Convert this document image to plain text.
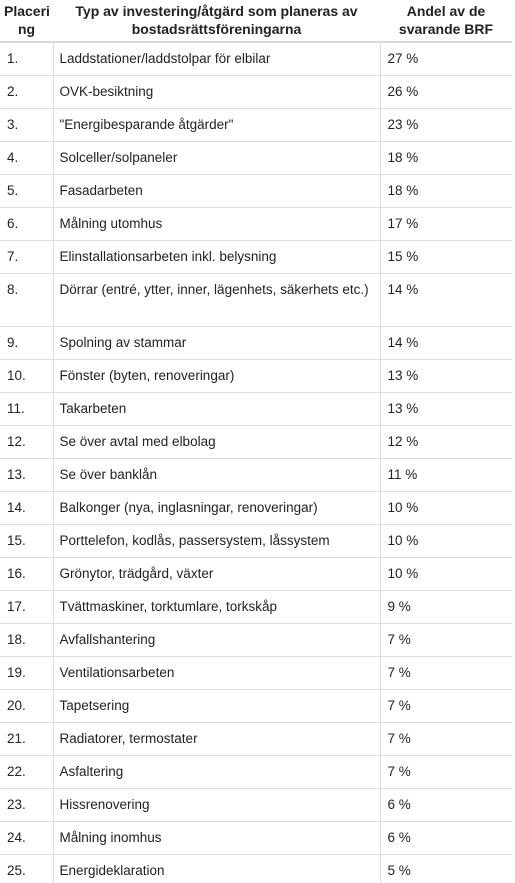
Placeri ng	Typ av investering/åtgärd som planeras av bostadsrättsföreningarna	Andel av de svarande BRF
1.	Laddstationer/laddstolpar för elbilar	27 %
2.	OVK-besiktning	26 %
3.	"Energibesparande åtgärder"	23 %
4.	Solceller/solpaneler	18 %
5.	Fasadarbeten	18 %
6.	Målning utomhus	17 %
7.	Elinstallationsarbeten inkl. belysning	15 %
8.	Dörrar (entré, ytter, inner, lägenhets, säkerhets etc.)	14 %
9.	Spolning av stammar	14 %
10.	Fönster (byten, renoveringar)	13 %
11.	Takarbeten	13 %
12.	Se över avtal med elbolag	12 %
13.	Se över banklån	11 %
14.	Balkonger (nya, inglasningar, renoveringar)	10 %
15.	Porttelefon, kodlås, passersystem, låssystem	10 %
16.	Grönytor, trädgård, växter	10 %
17.	Tvättmaskiner, torktumlare, torkskåp	9 %
18.	Avfallshantering	7 %
19.	Ventilationsarbeten	7 %
20.	Tapetsering	7 %
21.	Radiatorer, termostater	7 %
22.	Asfaltering	7 %
23.	Hissrenovering	6 %
24.	Målning inomhus	6 %
25.	Energideklaration	5 %
